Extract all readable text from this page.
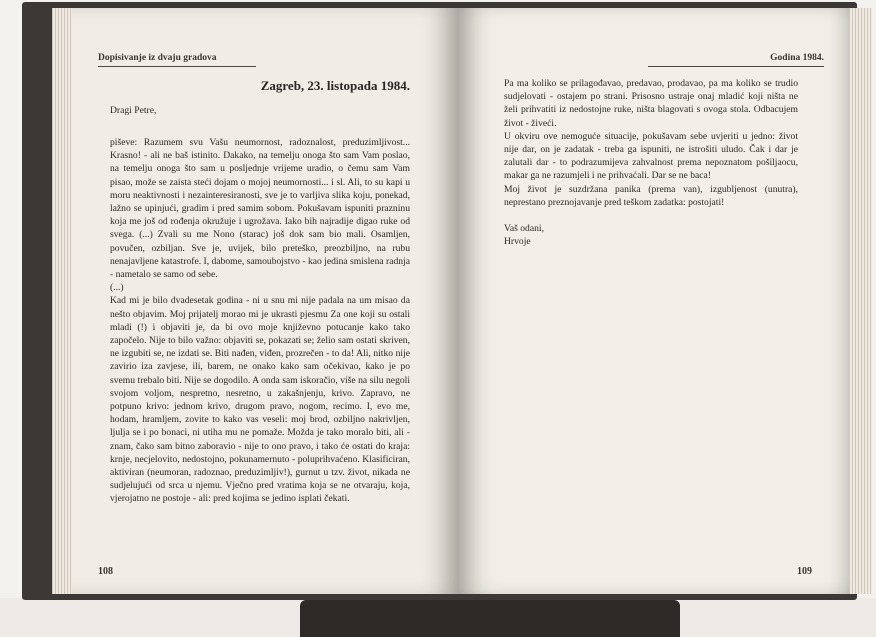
Dopisivanje iz dvaju gradova
Zagreb, 23. listopada 1984.
Dragi Petre,

piševe: Razumem svu Vašu neumornost, radoznalost, preduzimljivost... Krasno! - ali ne baš istinito. Dakako, na temelju onoga što sam Vam poslao, na temelju onoga što sam u posljednje vrijeme uradio, o čemu sam Vam pisao, može se zaista steći dojam o mojoj neumornosti... i sl. Ali, to su kapi u moru neaktivnosti i nezainteresiranosti, sve je to varljiva slika koju, ponekad, lažno se upinjući, gradim i pred samim sobom. Pokušavam ispuniti prazninu koja me još od rođenja okružuje i ugrožava. Iako bih najradije digao ruke od svega. (...) Zvali su me Nono (starac) još dok sam bio mali. Osamljen, povučen, ozbiljan. Sve je, uvijek, bilo preteško, preozbiljno, na rubu nenajavljene katastrofe. I, dabome, samoubojstvo - kao jedina smislena radnja - nametalo se samo od sebe.

(...)

Kad mi je bilo dvadesetak godina - ni u snu mi nije padala na um misao da nešto objavim. Moj prijatelj morao mi je ukrasti pjesmu Za one koji su ostali mladi (!) i objaviti je, da bi ovo moje književno potucanje kako tako započelo. Nije to bilo važno: objaviti se, pokazati se; želio sam ostati skriven, ne izgubiti se, ne izdati se. Biti nađen, viđen, prozrečen - to da! Ali, nitko nije zavirio iza zavjese, ili, barem, ne onako kako sam očekivao, kako je po svemu trebalo biti. Nije se dogodilo. A onda sam iskoračio, više na silu negoli svojom voljom, nespretno, nesretno, u zakašnjenju, krivo. Zapravo, ne potpuno krivo: jednom krivo, drugom pravo, nogom, recimo. I, evo me, hodam, hramljem, zovite to kako vas veseli: moj brod, ozbiljno nakrivljen, ljulja se i po bonaci, ni utiha mu ne pomaže. Možda je tako moralo biti, ali - znam, čako sam bitno zaboravio - nije to ono pravo, i tako će ostati do kraja: krnje, necjelovito, nedostojno, pokunamernuto - poluprihvaćeno. Klasificiran, aktiviran (neumoran, radoznao, preduzimljiv!), gurnut u tzv. život, nikada ne sudjelujući od srca u njemu. Vječno pred vratima koja se ne otvaraju, koja, vjerojatno ne postoje - ali: pred kojima se jedino isplati čekati.

108
Godina 1984.

Pa ma koliko se prilagođavao, predavao, prodavao, pa ma koliko se trudio sudjelovati - ostajem po strani. Prisosno ustraje onaj mladić koji ništa ne želi prihvatiti iz nedostojne ruke, ništa blagovati s ovoga stola. Odbacujem život - živeći.

U okviru ove nemoguće situacije, pokušavam sebe uvjeriti u jedno: život nije dar, on je zadatak - treba ga ispuniti, ne istrošiti uludo. Čak i dar je zalutali dar - to podrazumijeva zahvalnost prema nepoznatom pošiljaocu, makar ga ne razumjeli i ne prihvaćali. Dar se ne baca!

Moj život je suzdržana panika (prema van), izgubljenost (unutra), neprestano preznojavanje pred teškom zadatka: postojati!

Vaš odani,

Hrvoje

109
